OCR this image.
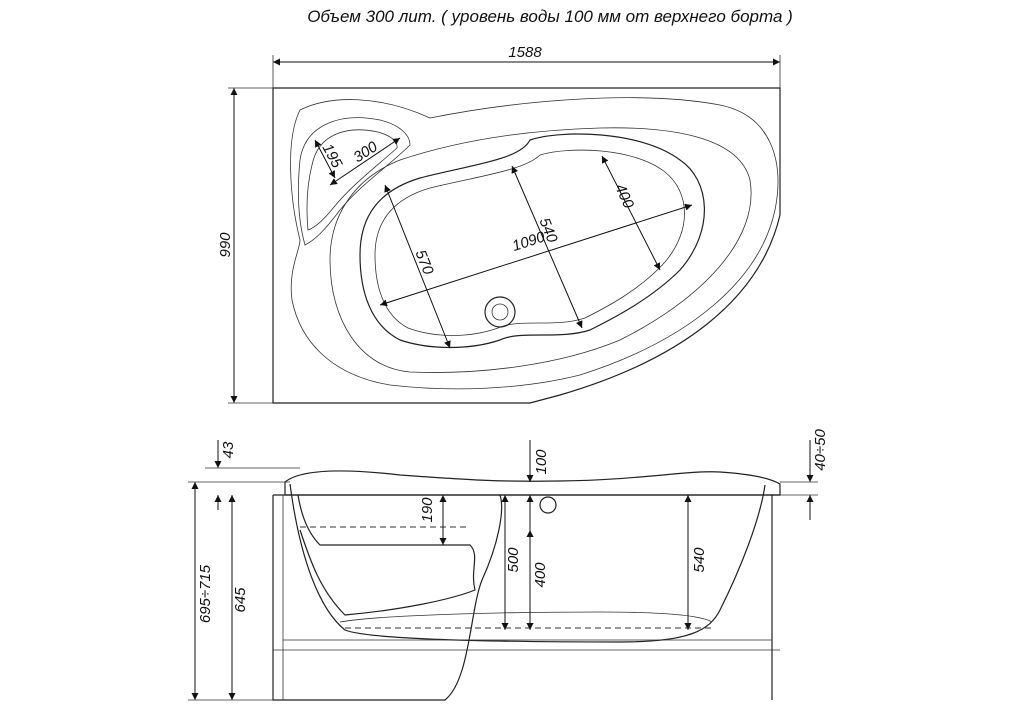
Объем 300 лит. ( уровень воды 100 мм от верхнего борта )
1588
990
300
195
1090
540
570
400
43
695÷715 645
190
100
500
400
540
40÷50
